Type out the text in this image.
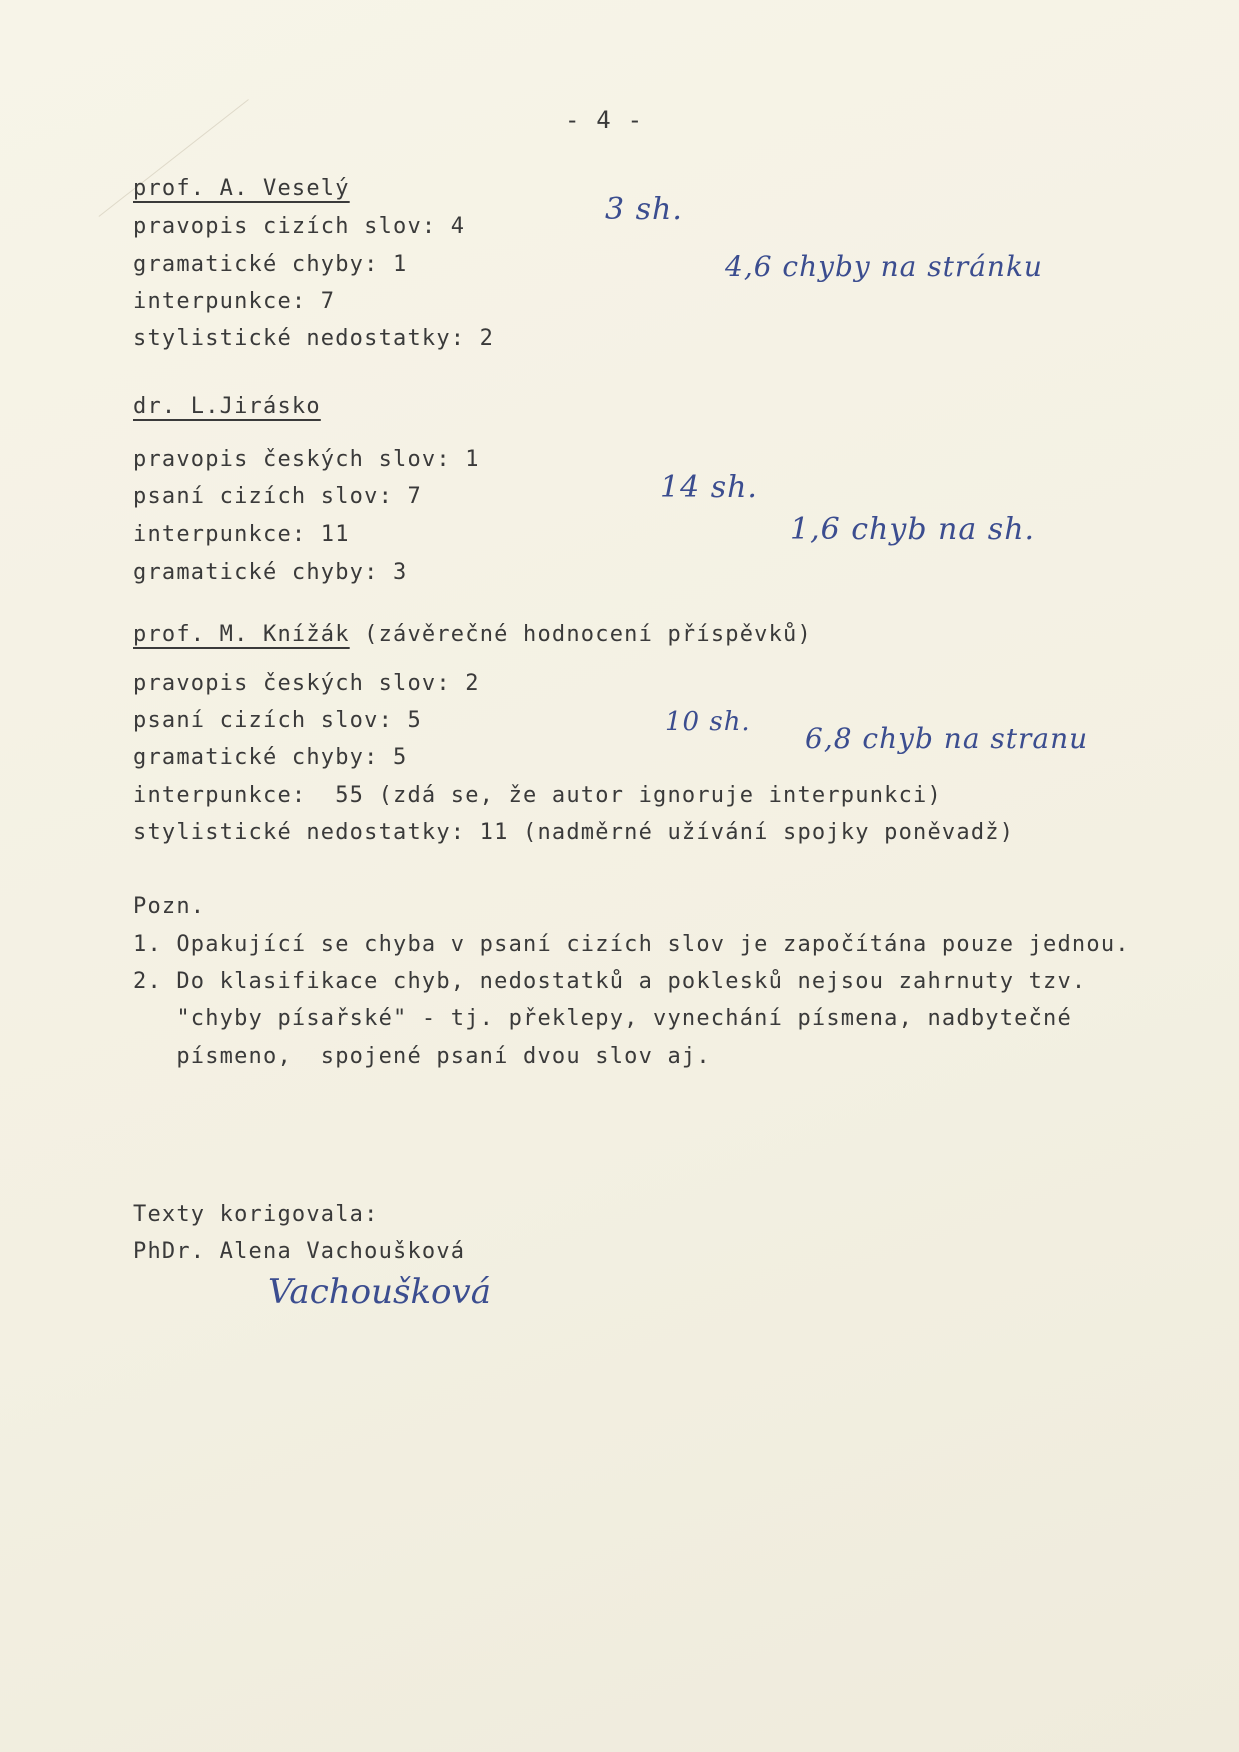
- 4 -
prof. A. Veselý
pravopis cizích slov: 4
gramatické chyby: 1
interpunkce: 7
stylistické nedostatky: 2
3 sh.
4,6 chyby na stránku
dr. L.Jirásko
pravopis českých slov: 1
psaní cizích slov: 7
interpunkce: 11
gramatické chyby: 3
14 sh.
1,6 chyb na sh.
prof. M. Knížák (závěrečné hodnocení příspěvků)
pravopis českých slov: 2
psaní cizích slov: 5
gramatické chyby: 5
interpunkce:  55 (zdá se, že autor ignoruje interpunkci)
stylistické nedostatky: 11 (nadměrné užívání spojky poněvadž)
10 sh. 6,8 chyb na stranu
Pozn.
1. Opakující se chyba v psaní cizích slov je započítána pouze jednou.
2. Do klasifikace chyb, nedostatků a poklesků nejsou zahrnuty tzv.
"chyby písařské" - tj. překlepy, vynechání písmena, nadbytečné
písmeno,  spojené psaní dvou slov aj.
Texty korigovala:
PhDr. Alena Vachoušková
Vachoušková
